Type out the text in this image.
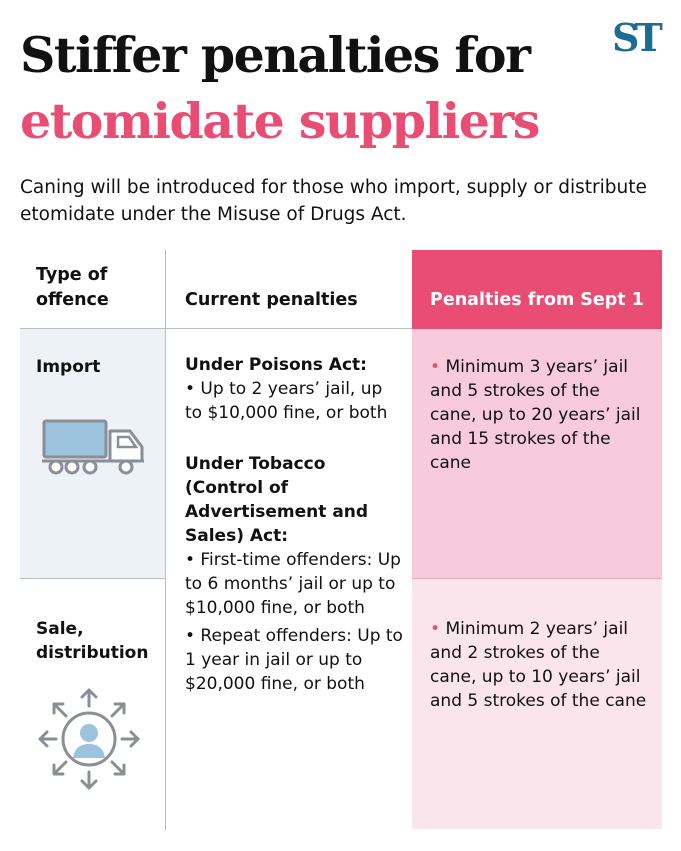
Stiffer penalties for
etomidate suppliers
ST

Caning will be introduced for those who import, supply or distribute etomidate under the Misuse of Drugs Act.

Type of offence	Current penalties	Penalties from Sept 1
Import
Sale, distribution
Under Poisons Act:
• Up to 2 years’ jail, up to $10,000 fine, or both
Under Tobacco (Control of Advertisement and Sales) Act:
• First-time offenders: Up to 6 months’ jail or up to $10,000 fine, or both
• Repeat offenders: Up to 1 year in jail or up to $20,000 fine, or both

• Minimum 3 years’ jail and 5 strokes of the cane, up to 20 years’ jail and 15 strokes of the cane

• Minimum 2 years’ jail and 2 strokes of the cane, up to 10 years’ jail and 5 strokes of the cane
